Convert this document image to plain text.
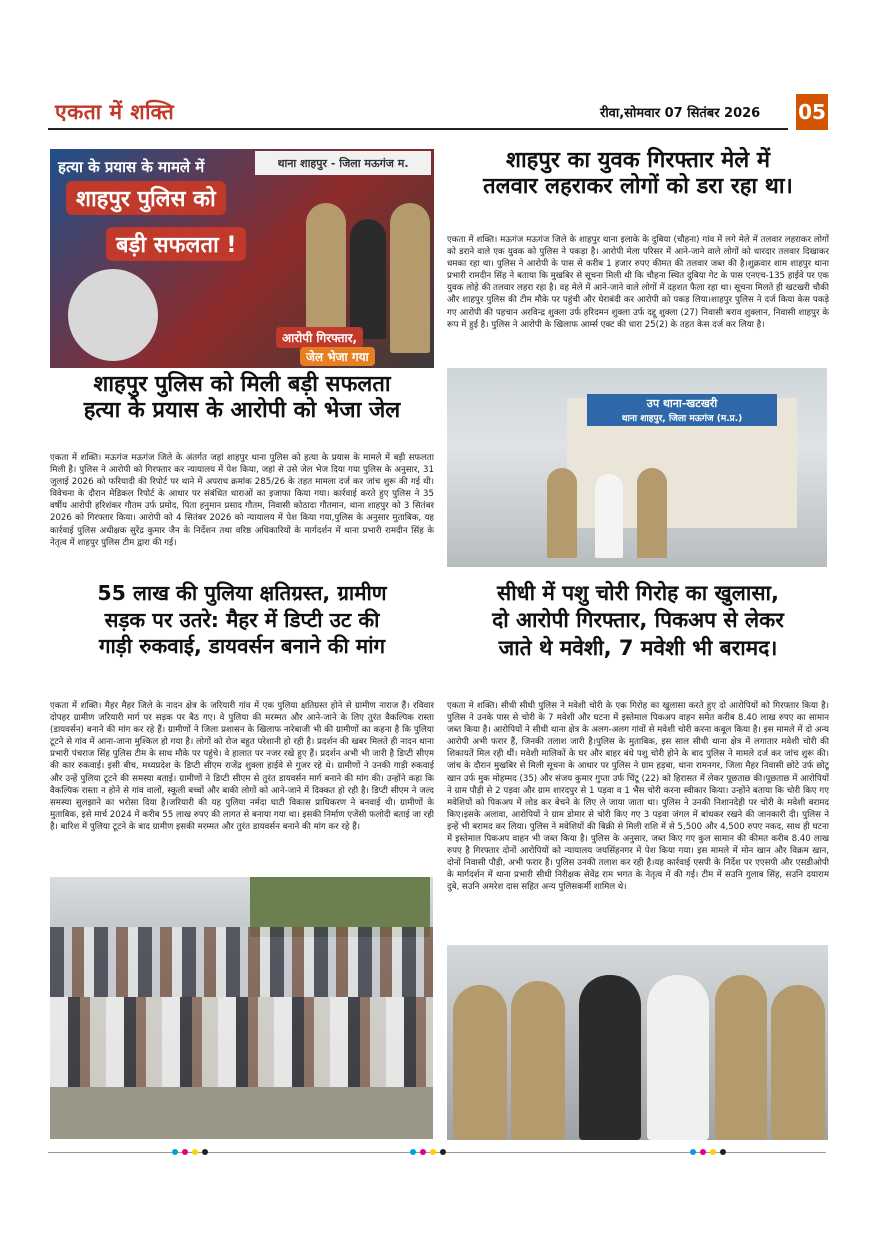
एकता में शक्ति	रीवा,सोमवार 07 सितंबर 2026 05
थाना शाहपुर - जिला मऊगंज म.
हत्या के प्रयास के मामले में
शाहपुर पुलिस को
बड़ी सफलता !
आरोपी गिरफ्तार,
जेल भेजा गया
शाहपुर पुलिस को मिली बड़ी सफलता
हत्या के प्रयास के आरोपी को भेजा जेल
एकता में शक्ति। मऊगंज मऊगंज जिले के अंतर्गत जहां शाहपुर थाना पुलिस को हत्या के प्रयास के मामले में बड़ी सफलता मिली है। पुलिस ने आरोपी को गिरफ्तार कर न्यायालय में पेश किया, जहां से उसे जेल भेज दिया गया पुलिस के अनुसार, 31 जुलाई 2026 को फरियादी की रिपोर्ट पर थाने में अपराध क्रमांक 285/26 के तहत मामला दर्ज कर जांच शुरू की गई थी। विवेचना के दौरान मेडिकल रिपोर्ट के आधार पर संबंधित धाराओं का इजाफा किया गया। कार्रवाई करते हुए पुलिस ने 35 वर्षीय आरोपी हरिशंकर गौतम उर्फ प्रमोद, पिता हनुमान प्रसाद गौतम, निवासी कोठादा गौतमान, थाना शाहपुर को 3 सितंबर 2026 को गिरफ्तार किया। आरोपी को 4 सितंबर 2026 को न्यायालय में पेश किया गया,पुलिस के अनुसार मुताबिक, यह कार्रवाई पुलिस अधीक्षक सुरेंद्र कुमार जैन के निर्देशन तथा वरिष्ठ अधिकारियों के मार्गदर्शन में थाना प्रभारी रामदीन सिंह के नेतृत्व में शाहपुर पुलिस टीम द्वारा की गई।
शाहपुर का युवक गिरफ्तार मेले में
तलवार लहराकर लोगों को डरा रहा था।
एकता में शक्ति। मऊगंज मऊगंज जिले के शाहपुर थाना इलाके के दुबिया (चौहना) गांव में लगे मेले में तलवार लहराकर लोगों को डराने वाले एक युवक को पुलिस ने पकड़ा है। आरोपी मेला परिसर में आने-जाने वाले लोगों को धारदार तलवार दिखाकर धमका रहा था। पुलिस ने आरोपी के पास से करीब 1 हजार रुपए कीमत की तलवार जब्त की है।शुक्रवार शाम शाहपुर थाना प्रभारी रामदीन सिंह ने बताया कि मुखबिर से सूचना मिली थी कि चौहना स्थित दुबिया गेट के पास एनएच-135 हाईवे पर एक युवक लोहे की तलवार लहरा रहा है। वह मेले में आने-जाने वाले लोगों में दहशत फैला रहा था। सूचना मिलते ही खटखरी चौकी और शाहपुर पुलिस की टीम मौके पर पहुंची और घेराबंदी कर आरोपी को पकड़ लिया।शाहपुर पुलिस ने दर्ज किया केस पकड़े गए आरोपी की पहचान अरविन्द्र शुक्ला उर्फ हरिदमन शुक्ला उर्फ दद्दू शुक्ला (27) निवासी बराव शुक्लान, निवासी शाहपुर के रूप में हुई है। पुलिस ने आरोपी के खिलाफ आर्म्स एक्ट की धारा 25(2) के तहत केस दर्ज कर लिया है।
उप थाना-खटखरी
थाना शाहपुर, जिला मऊगंज (म.प्र.)
55 लाख की पुलिया क्षतिग्रस्त, ग्रामीण
सड़क पर उतरे: मैहर में डिप्टी उट की
गाड़ी रुकवाई, डायवर्सन बनाने की मांग
एकता में शक्ति। मैहर मैहर जिले के नादन क्षेत्र के जरियारी गांव में एक पुलिया क्षतिग्रस्त होने से ग्रामीण नाराज हैं। रविवार दोपहर ग्रामीण जरियारी मार्ग पर सड़क पर बैठ गए। वे पुलिया की मरम्मत और आने-जाने के लिए तुरंत वैकल्पिक रास्ता (डायवर्सन) बनाने की मांग कर रहे हैं। ग्रामीणों ने जिला प्रशासन के खिलाफ नारेबाजी भी की ग्रामीणों का कहना है कि पुलिया टूटने से गांव में आना-जाना मुश्किल हो गया है। लोगों को रोज बहुत परेशानी हो रही है। प्रदर्शन की खबर मिलते ही नादन थाना प्रभारी पंचराज सिंह पुलिस टीम के साथ मौके पर पहुंचे। वे हालात पर नजर रखे हुए हैं। प्रदर्शन अभी भी जारी है डिप्टी सीएम की कार रुकवाई। इसी बीच, मध्यप्रदेश के डिप्टी सीएम राजेंद्र शुक्ला हाईवे से गुजर रहे थे। ग्रामीणों ने उनकी गाड़ी रुकवाई और उन्हें पुलिया टूटने की समस्या बताई। ग्रामीणों ने डिप्टी सीएम से तुरंत डायवर्सन मार्ग बनाने की मांग की। उन्होंने कहा कि वैकल्पिक रास्ता न होने से गांव वालों, स्कूली बच्चों और बाकी लोगों को आने-जाने में दिक्कत हो रही है। डिप्टी सीएम ने जल्द समस्या सुलझाने का भरोसा दिया है।जरियारी की यह पुलिया नर्मदा घाटी विकास प्राधिकरण ने बनवाई थी। ग्रामीणों के मुताबिक, इसे मार्च 2024 में करीब 55 लाख रुपए की लागत से बनाया गया था। इसकी निर्माण एजेंसी फलोदी बताई जा रही है। बारिश में पुलिया टूटने के बाद ग्रामीण इसकी मरम्मत और तुरंत डायवर्सन बनाने की मांग कर रहे हैं।
सीधी में पशु चोरी गिरोह का खुलासा,
दो आरोपी गिरफ्तार, पिकअप से लेकर
जाते थे मवेशी, 7 मवेशी भी बरामद।
एकता मे शक्ति। सीधी सीधी पुलिस ने मवेशी चोरी के एक गिरोह का खुलासा करते हुए दो आरोपियों को गिरफ्तार किया है। पुलिस ने उनके पास से चोरी के 7 मवेशी और घटना में इस्तेमाल पिकअप वाहन समेत करीब 8.40 लाख रुपए का सामान जब्त किया है। आरोपियों ने सीधी थाना क्षेत्र के अलग-अलग गांवों से मवेशी चोरी करना कबूल किया है। इस मामले में दो अन्य आरोपी अभी फरार हैं, जिनकी तलाश जारी है।पुलिस के मुताबिक, इस साल सीधी थाना क्षेत्र में लगातार मवेशी चोरी की शिकायतें मिल रही थीं। मवेशी मालिकों के घर और बाहर बंधे पशु चोरी होने के बाद पुलिस ने मामले दर्ज कर जांच शुरू की।जांच के दौरान मुखबिर से मिली सूचना के आधार पर पुलिस ने ग्राम हड़बा, थाना रामनगर, जिला मैहर निवासी छोटे उर्फ छोटू खान उर्फ मुक मोहम्मद (35) और संजय कुमार गुप्ता उर्फ चिंटू (22) को हिरासत में लेकर पूछताछ की।पूछताछ में आरोपियों ने ग्राम पौड़ी से 2 पड़वा और ग्राम शारदपुर से 1 पड़वा व 1 भैंस चोरी करना स्वीकार किया। उन्होंने बताया कि चोरी किए गए मवेशियों को पिकअप में लोड कर बेचने के लिए ले जाया जाता था। पुलिस ने उनकी निशानदेही पर चोरी के मवेशी बरामद किए।इसके अलावा, आरोपियों ने ग्राम डोमार से चोरी किए गए 3 पड़वा जंगल में बांधकर रखने की जानकारी दी। पुलिस ने इन्हें भी बरामद कर लिया। पुलिस ने मवेशियों की बिक्री से मिली राशि में से 5,500 और 4,500 रुपए नकद, साथ ही घटना में इस्तेमाल पिकअप वाहन भी जब्त किया है। पुलिस के अनुसार, जब्त किए गए कुल सामान की कीमत करीब 8.40 लाख रुपए है गिरफ्तार दोनों आरोपियों को न्यायालय जयसिंहनगर में पेश किया गया। इस मामले में मोन खान और विक्रम खान, दोनों निवासी पौड़ी, अभी फरार हैं। पुलिस उनकी तलाश कर रही है।यह कार्रवाई एसपी के निर्देश पर एएसपी और एसडीओपी के मार्गदर्शन में थाना प्रभारी सीधी निरीक्षक सेवेंद्र राम भगत के नेतृत्व में की गई। टीम में सउनि गुलाब सिंह, सउनि दयाराम दुबे, सउनि अमरेश दास सहित अन्य पुलिसकर्मी शामिल थे।
